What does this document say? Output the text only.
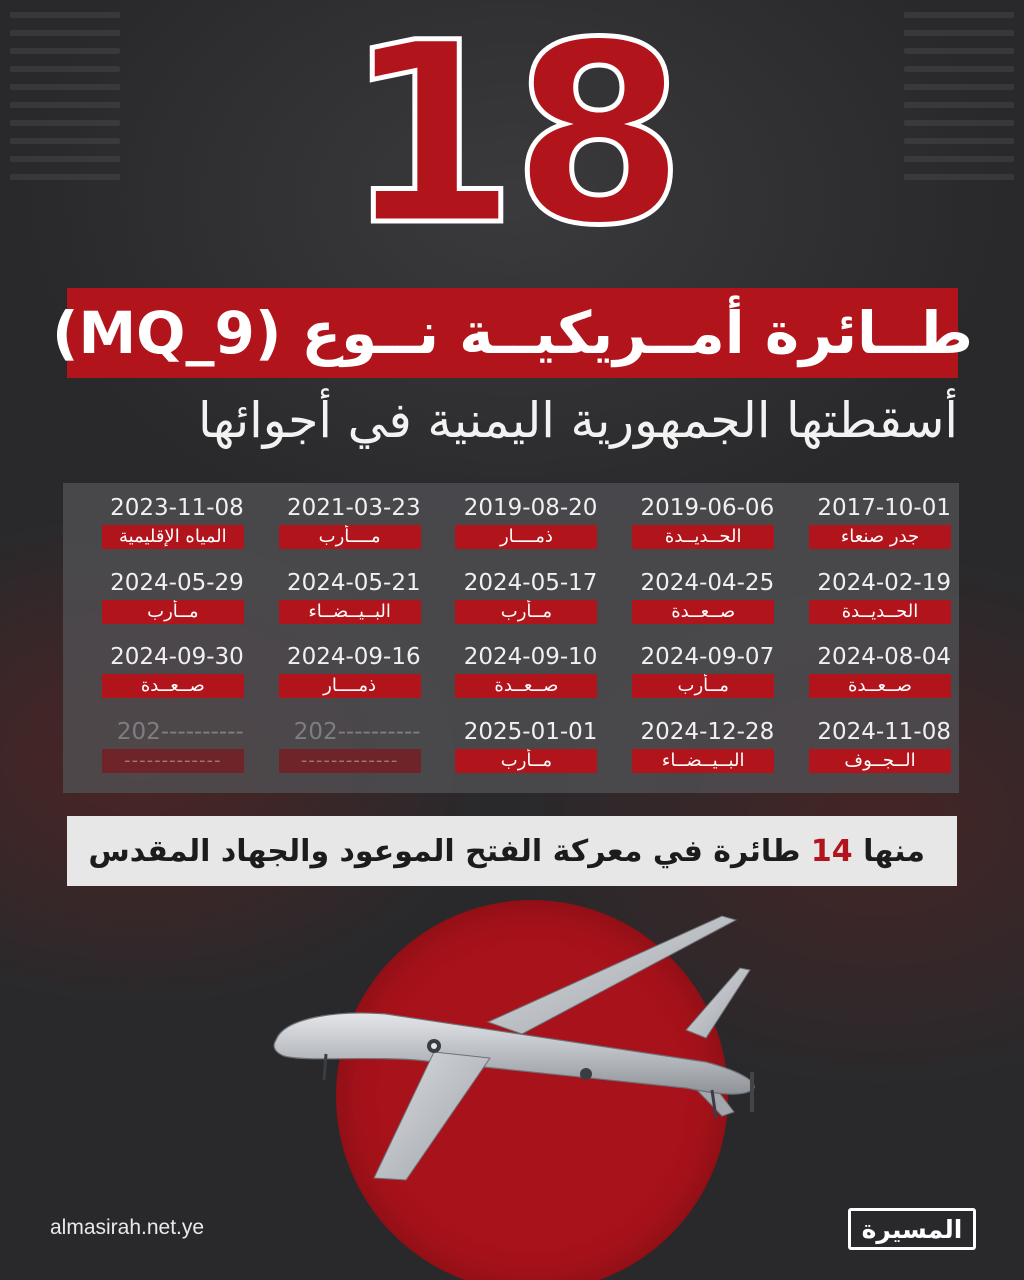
18
طــائرة أمــريكيــة نــوع (MQ_9)
أسقطتها الجمهورية اليمنية في أجوائها
2017-10-01
جدر صنعاء
2019-06-06
الحــديــدة
2019-08-20
ذمــــار
2021-03-23
مــــأرب
2023-11-08
المياه الإقليمية
2024-02-19
الحــديــدة
2024-04-25
صــعــدة
2024-05-17
مــأرب
2024-05-21
البــيــضــاء
2024-05-29
مــأرب
2024-08-04
صــعــدة
2024-09-07
مــأرب
2024-09-10
صــعــدة
2024-09-16
ذمــــار
2024-09-30
صــعــدة
2024-11-08
الــجــوف
2024-12-28
البــيــضــاء
2025-01-01
مــأرب
202----------
-------------
202----------
-------------
منها 14 طائرة في معركة الفتح الموعود والجهاد المقدس
almasirah.net.ye	المسيرة
